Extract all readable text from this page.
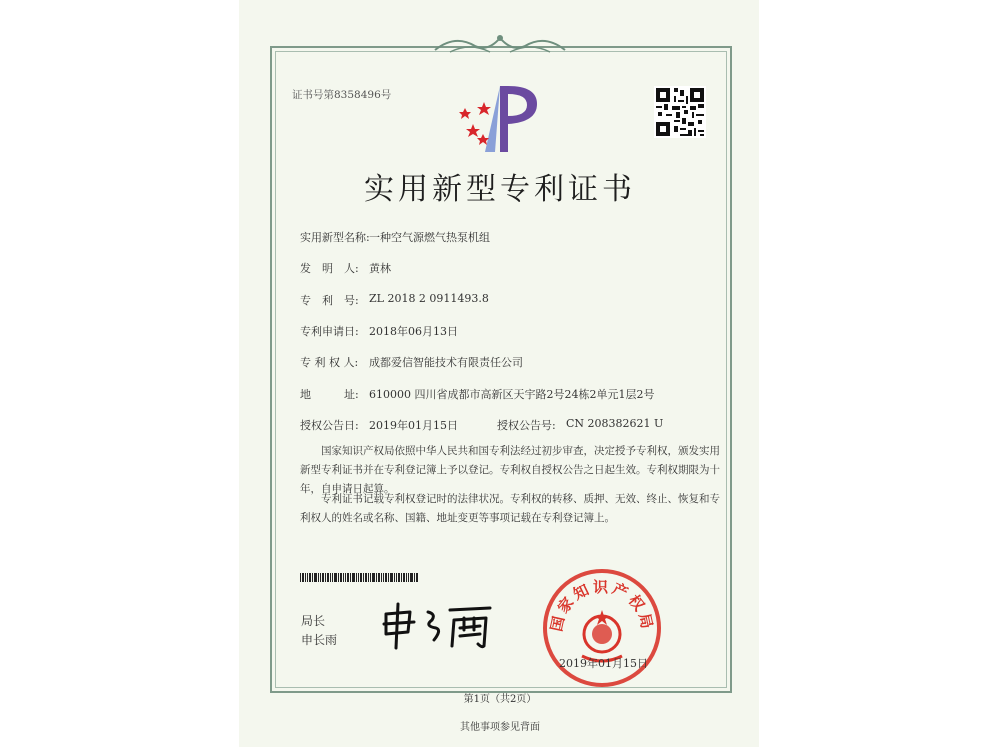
证书号第8358496号
实用新型专利证书
实用新型名称: 一种空气源燃气热泵机组
发　明　人: 黄林
专　利　号: ZL 2018 2 0911493.8
专利申请日: 2018年06月13日
专 利 权 人: 成都爱信智能技术有限责任公司
地　　　址: 610000 四川省成都市高新区天宇路2号24栋2单元1层2号
授权公告日: 2019年01月15日	授权公告号: CN 208382621 U
　　国家知识产权局依照中华人民共和国专利法经过初步审查，决定授予专利权，颁发实用新型专利证书并在专利登记簿上予以登记。专利权自授权公告之日起生效。专利权期限为十年，自申请日起算。
　　专利证书记载专利权登记时的法律状况。专利权的转移、质押、无效、终止、恢复和专利权人的姓名或名称、国籍、地址变更等事项记载在专利登记簿上。
局长
申长雨
国家知识产权局
2019年01月15日
第1页（共2页）
其他事项参见背面
